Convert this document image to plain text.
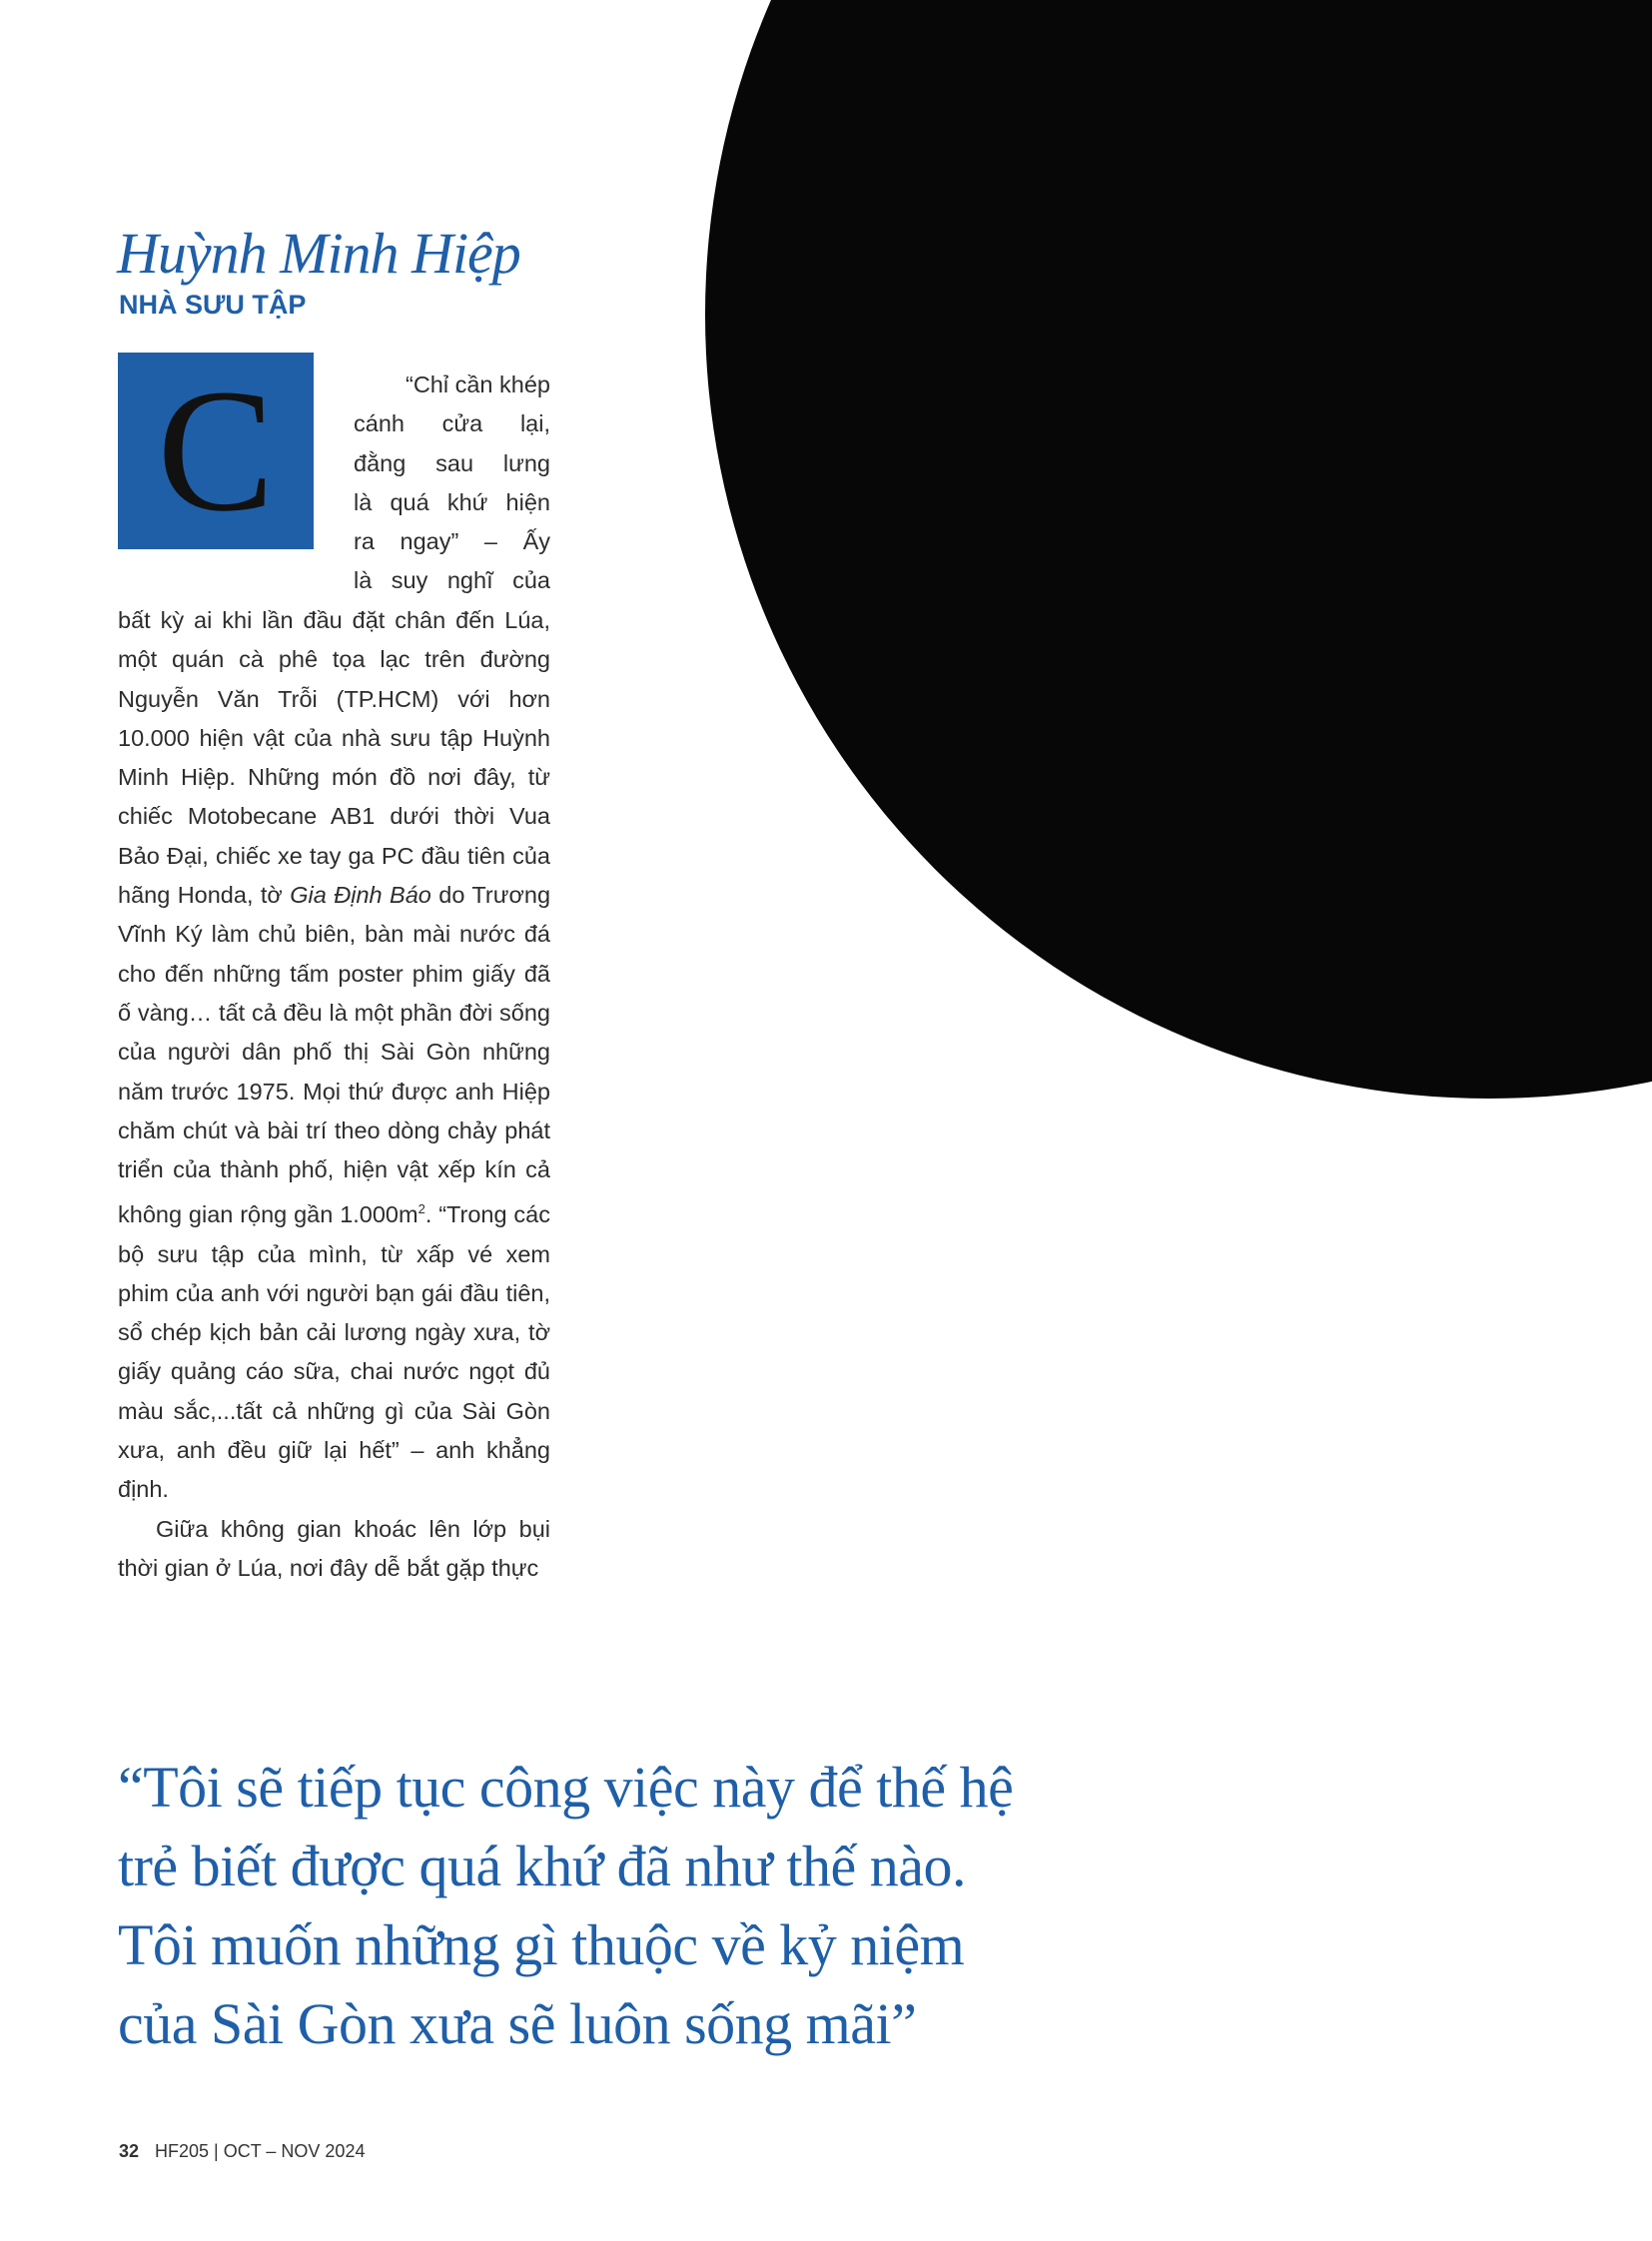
Huỳnh Minh Hiệp
NHÀ SƯU TẬP
C	“Chỉ cần khép
cánh cửa lại,
đằng sau lưng
là quá khứ hiện
ra ngay” – Ấy
là suy nghĩ của

bất kỳ ai khi lần đầu đặt chân đến Lúa, một quán cà phê tọa lạc trên đường Nguyễn Văn Trỗi (TP.HCM) với hơn 10.000 hiện vật của nhà sưu tập Huỳnh Minh Hiệp. Những món đồ nơi đây, từ chiếc Motobecane AB1 dưới thời Vua Bảo Đại, chiếc xe tay ga PC đầu tiên của hãng Honda, tờ Gia Định Báo do Trương Vĩnh Ký làm chủ biên, bàn mài nước đá cho đến những tấm poster phim giấy đã ố vàng… tất cả đều là một phần đời sống của người dân phố thị Sài Gòn những năm trước 1975. Mọi thứ được anh Hiệp chăm chút và bài trí theo dòng chảy phát triển của thành phố, hiện vật xếp kín cả không gian rộng gần $1.000m^2$. “Trong các bộ sưu tập của mình, từ xấp vé xem phim của anh với người bạn gái đầu tiên, sổ chép kịch bản cải lương ngày xưa, tờ giấy quảng cáo sữa, chai nước ngọt đủ màu sắc,...tất cả những gì của Sài Gòn xưa, anh đều giữ lại hết” – anh khẳng định.

Giữa không gian khoác lên lớp bụi thời gian ở Lúa, nơi đây dễ bắt gặp thực

“Tôi sẽ tiếp tục công việc này để thế hệ
trẻ biết được quá khứ đã như thế nào.
Tôi muốn những gì thuộc về kỷ niệm
của Sài Gòn xưa sẽ luôn sống mãi”
32 HF205 | OCT – NOV 2024
